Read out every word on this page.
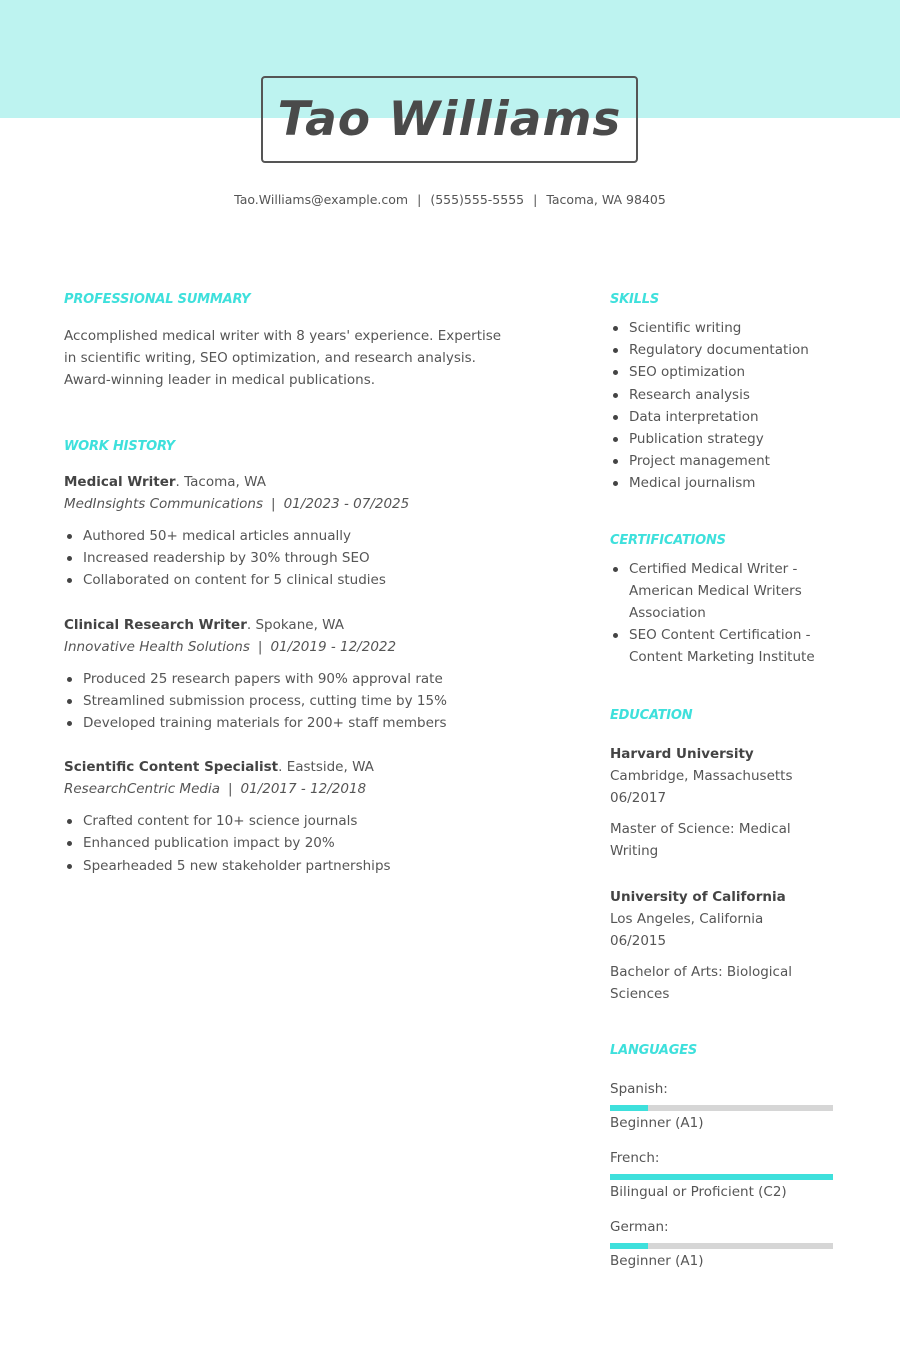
Tao Williams
Tao.Williams@example.com | (555)555-5555 | Tacoma, WA 98405
PROFESSIONAL SUMMARY

Accomplished medical writer with 8 years' experience. Expertise in scientific writing, SEO optimization, and research analysis. Award-winning leader in medical publications.

WORK HISTORY
Medical Writer. Tacoma, WA
MedInsights Communications | 01/2023 - 07/2025
Authored 50+ medical articles annually
Increased readership by 30% through SEO
Collaborated on content for 5 clinical studies
Clinical Research Writer. Spokane, WA
Innovative Health Solutions | 01/2019 - 12/2022
Produced 25 research papers with 90% approval rate
Streamlined submission process, cutting time by 15%
Developed training materials for 200+ staff members
Scientific Content Specialist. Eastside, WA
ResearchCentric Media | 01/2017 - 12/2018
Crafted content for 10+ science journals
Enhanced publication impact by 20%
Spearheaded 5 new stakeholder partnerships
SKILLS
Scientific writing
Regulatory documentation
SEO optimization
Research analysis
Data interpretation
Publication strategy
Project management
Medical journalism
CERTIFICATIONS
Certified Medical Writer - American Medical Writers Association
SEO Content Certification - Content Marketing Institute
EDUCATION
Harvard University
Cambridge, Massachusetts
06/2017
Master of Science: Medical Writing
University of California
Los Angeles, California
06/2015
Bachelor of Arts: Biological Sciences
LANGUAGES
Spanish:
Beginner (A1)
French:
Bilingual or Proficient (C2)
German:
Beginner (A1)
